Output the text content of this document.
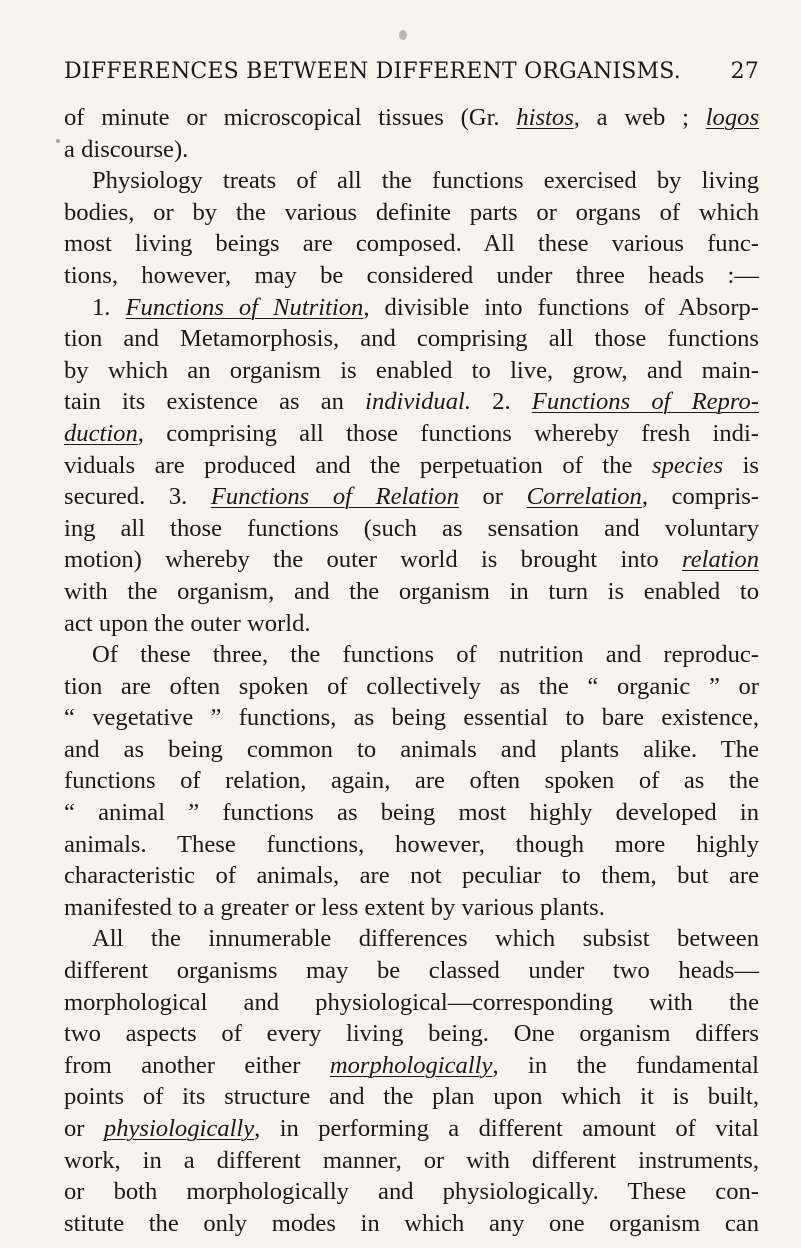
DIFFERENCES BETWEEN DIFFERENT ORGANISMS. 27
of minute or microscopical tissues (Gr. histos, a web ; logos
a discourse).
Physiology treats of all the functions exercised by living
bodies, or by the various definite parts or organs of which
most living beings are composed. All these various func-
tions, however, may be considered under three heads :—
1. Functions of Nutrition, divisible into functions of Absorp-
tion and Metamorphosis, and comprising all those functions
by which an organism is enabled to live, grow, and main-
tain its existence as an individual. 2. Functions of Repro-
duction, comprising all those functions whereby fresh indi-
viduals are produced and the perpetuation of the species is
secured. 3. Functions of Relation or Correlation, compris-
ing all those functions (such as sensation and voluntary
motion) whereby the outer world is brought into relation
with the organism, and the organism in turn is enabled to
act upon the outer world.
Of these three, the functions of nutrition and reproduc-
tion are often spoken of collectively as the “ organic ” or
“ vegetative ” functions, as being essential to bare existence,
and as being common to animals and plants alike. The
functions of relation, again, are often spoken of as the
“ animal ” functions as being most highly developed in
animals. These functions, however, though more highly
characteristic of animals, are not peculiar to them, but are
manifested to a greater or less extent by various plants.
All the innumerable differences which subsist between
different organisms may be classed under two heads—
morphological and physiological—corresponding with the
two aspects of every living being. One organism differs
from another either morphologically, in the fundamental
points of its structure and the plan upon which it is built,
or physiologically, in performing a different amount of vital
work, in a different manner, or with different instruments,
or both morphologically and physiologically. These con-
stitute the only modes in which any one organism can
